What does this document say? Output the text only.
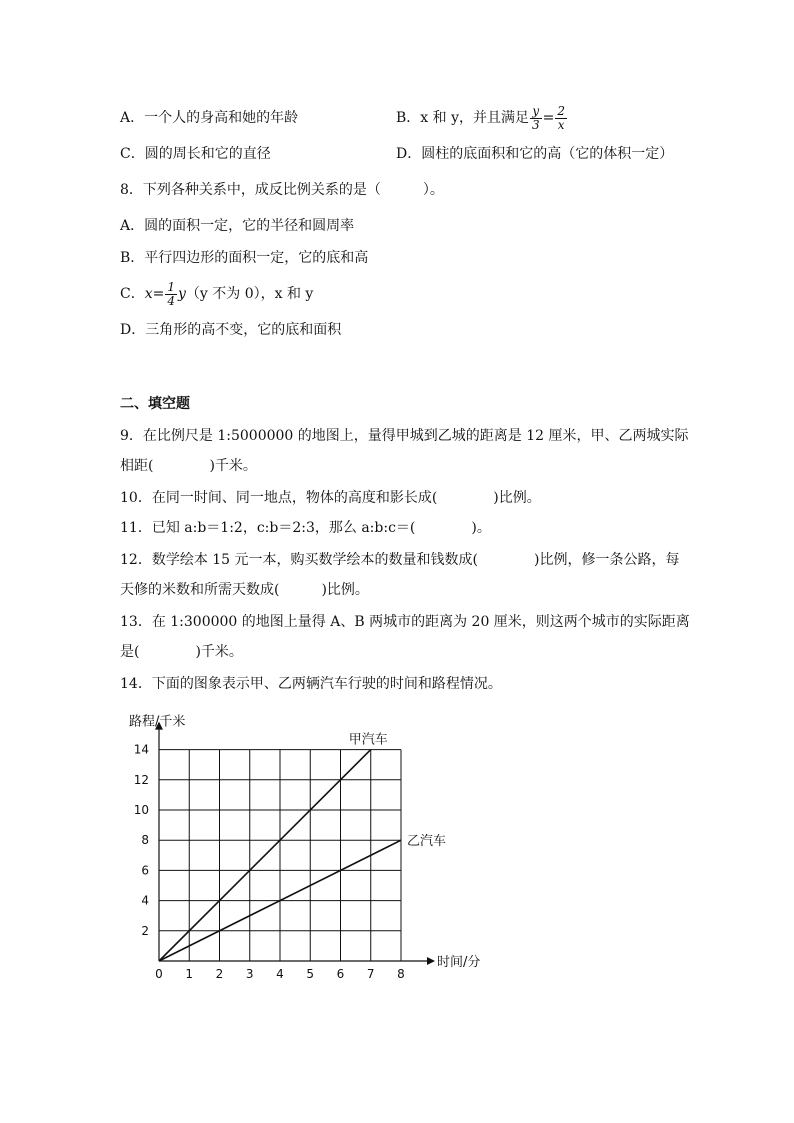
A．一个人的身高和她的年龄	B．x 和 y，并且满足 $\frac{y}{3} = \frac{2}{x}$
C．圆的周长和它的直径	D．圆柱的底面积和它的高（它的体积一定）
8．下列各种关系中，成反比例关系的是（　　　）。
A．圆的面积一定，它的半径和圆周率
B．平行四边形的面积一定，它的底和高
C．$x= \frac{1}{4} y(y$ 不为 0），x 和 y
D．三角形的高不变，它的底和面积
二、填空题
9．在比例尺是 1:5000000 的地图上，量得甲城到乙城的距离是 12 厘米，甲、乙两城实际
相距(　　　　)千米。
10．在同一时间、同一地点，物体的高度和影长成(　　　　)比例。
11．已知 a:b＝1:2，c:b＝2:3，那么 a:b:c＝(　　　　)。
12．数学绘本 15 元一本，购买数学绘本的数量和钱数成(　　　　)比例，修一条公路，每
天修的米数和所需天数成(　　　)比例。
13．在 1:300000 的地图上量得 A、B 两城市的距离为 20 厘米，则这两个城市的实际距离
是(　　　　)千米。
14．下面的图象表示甲、乙两辆汽车行驶的时间和路程情况。
0 1 2 3 4 5 6 7 8
2
4
6
8
10
12
14
路程/千米
时间/分
甲汽车
乙汽车
